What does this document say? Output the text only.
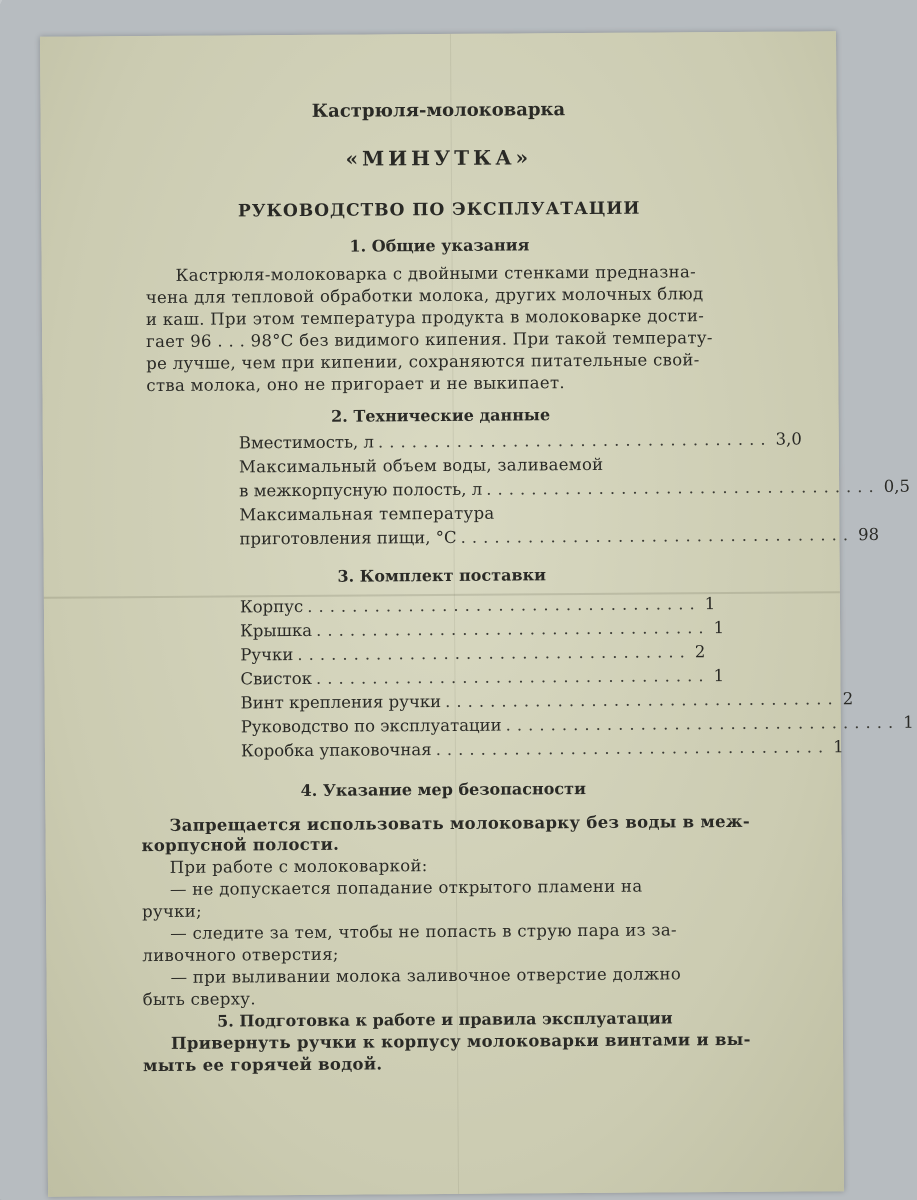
Кастрюля-молоковарка
«МИНУТКА»
РУКОВОДСТВО ПО ЭКСПЛУАТАЦИИ
1. Общие указания
Кастрюля-молоковарка с двойными стенками предназна-
чена для тепловой обработки молока, других молочных блюд
и каш. При этом температура продукта в молоковарке дости-
гает 96 . . . 98°С без видимого кипения. При такой температу-
ре лучше, чем при кипении, сохраняются питательные свой-
ства молока, оно не пригорает и не выкипает.
2. Технические данные
Вместимость, л ................................... 3,0
Максимальный объем воды, заливаемой
в межкорпусную полость, л ................................... 0,5
Максимальная температура
приготовления пищи, °С ................................... 98
3. Комплект поставки
Корпус ................................... 1
Крышка ................................... 1
Ручки ................................... 2
Свисток ................................... 1
Винт крепления ручки ................................... 2
Руководство по эксплуатации ................................... 1
Коробка упаковочная ................................... 1
4. Указание мер безопасности
Запрещается использовать молоковарку без воды в меж-
корпусной полости.
При работе с молоковаркой:
— не допускается попадание открытого пламени на
ручки;
— следите за тем, чтобы не попасть в струю пара из за-
ливочного отверстия;
— при выливании молока заливочное отверстие должно
быть сверху.
5. Подготовка к работе и правила эксплуатации
Привернуть ручки к корпусу молоковарки винтами и вы-
мыть ее горячей водой.
